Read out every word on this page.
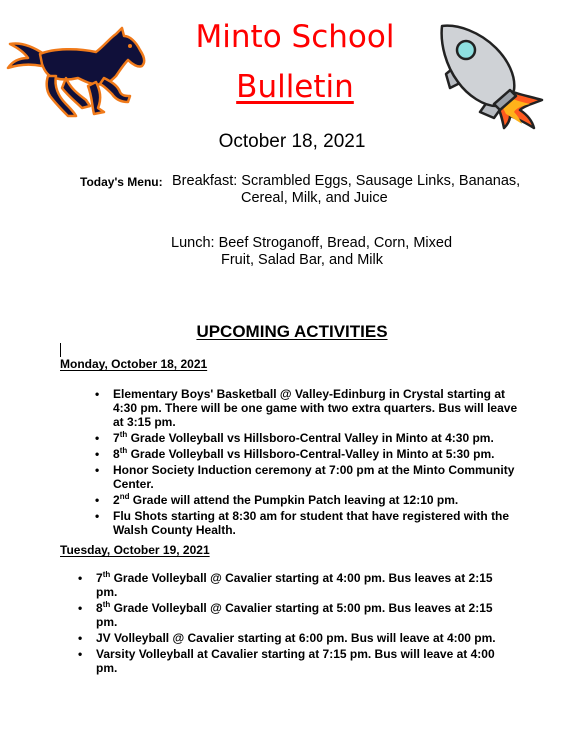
Minto School
Bulletin
October 18, 2021
Today's Menu: Breakfast: Scrambled Eggs, Sausage Links, Bananas,
Cereal, Milk, and Juice
Lunch: Beef Stroganoff, Bread, Corn, Mixed
Fruit, Salad Bar, and Milk
UPCOMING ACTIVITIES
Monday, October 18, 2021
• Elementary Boys' Basketball @ Valley-Edinburg in Crystal starting at 4:30 pm. There will be one game with two extra quarters. Bus will leave at 3:15 pm.
• 7th Grade Volleyball vs Hillsboro-Central Valley in Minto at 4:30 pm.
• 8th Grade Volleyball vs Hillsboro-Central-Valley in Minto at 5:30 pm.
• Honor Society Induction ceremony at 7:00 pm at the Minto Community Center.
• 2nd Grade will attend the Pumpkin Patch leaving at 12:10 pm.
• Flu Shots starting at 8:30 am for student that have registered with the Walsh County Health.
Tuesday, October 19, 2021
• 7th Grade Volleyball @ Cavalier starting at 4:00 pm. Bus leaves at 2:15 pm.
• 8th Grade Volleyball @ Cavalier starting at 5:00 pm. Bus leaves at 2:15 pm.
• JV Volleyball @ Cavalier starting at 6:00 pm. Bus will leave at 4:00 pm.
• Varsity Volleyball at Cavalier starting at 7:15 pm. Bus will leave at 4:00 pm.
